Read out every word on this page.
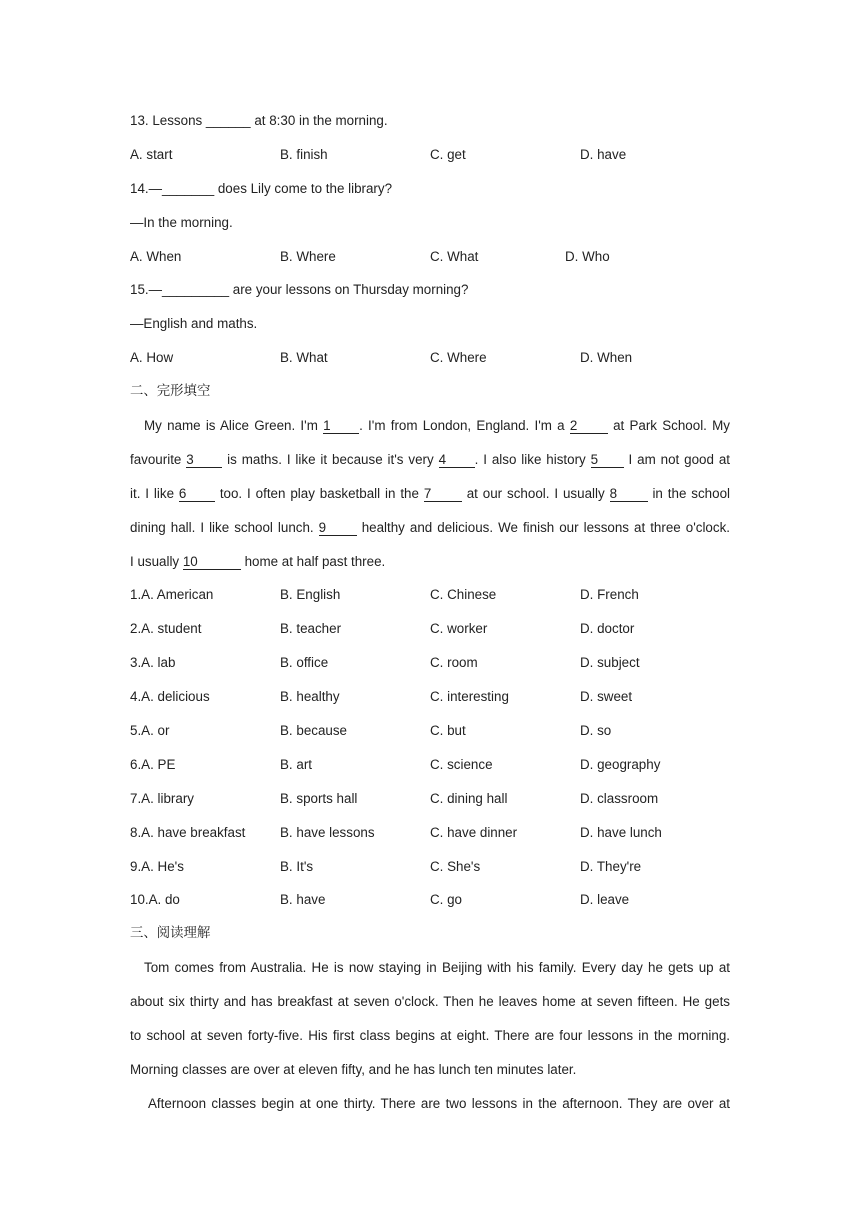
13. Lessons ______ at 8:30 in the morning.
A. start	B. finish	C. get	D. have
14.—_______ does Lily come to the library?
—In the morning.
A. When	B. Where	C. What	D. Who
15.—_________ are your lessons on Thursday morning?
—English and maths.
A. How	B. What	C. Where	D. When
二、完形填空
My name is Alice Green. I'm 1 . I'm from London, England. I'm a 2 at Park School. My
favourite 3 is maths. I like it because it's very 4 . I also like history 5 I am not good at
it. I like 6 too. I often play basketball in the 7 at our school. I usually 8 in the school
dining hall. I like school lunch. 9 healthy and delicious. We finish our lessons at three o'clock.
I usually 10	home at half past three.
1.A. American	B. English	C. Chinese	D. French
2.A. student	B. teacher	C. worker	D. doctor
3.A. lab	B. office	C. room	D. subject
4.A. delicious	B. healthy	C. interesting	D. sweet
5.A. or	B. because	C. but	D. so
6.A. PE	B. art	C. science	D. geography
7.A. library	B. sports hall	C. dining hall	D. classroom
8.A. have breakfast	B. have lessons	C. have dinner	D. have lunch
9.A. He's	B. It's	C. She's	D. They're
10.A. do	B. have	C. go	D. leave
三、阅读理解
Tom comes from Australia. He is now staying in Beijing with his family. Every day he gets up at
about six thirty and has breakfast at seven o'clock. Then he leaves home at seven fifteen. He gets
to school at seven forty-five. His first class begins at eight. There are four lessons in the morning.
Morning classes are over at eleven fifty, and he has lunch ten minutes later.
Afternoon classes begin at one thirty. There are two lessons in the afternoon. They are over at
